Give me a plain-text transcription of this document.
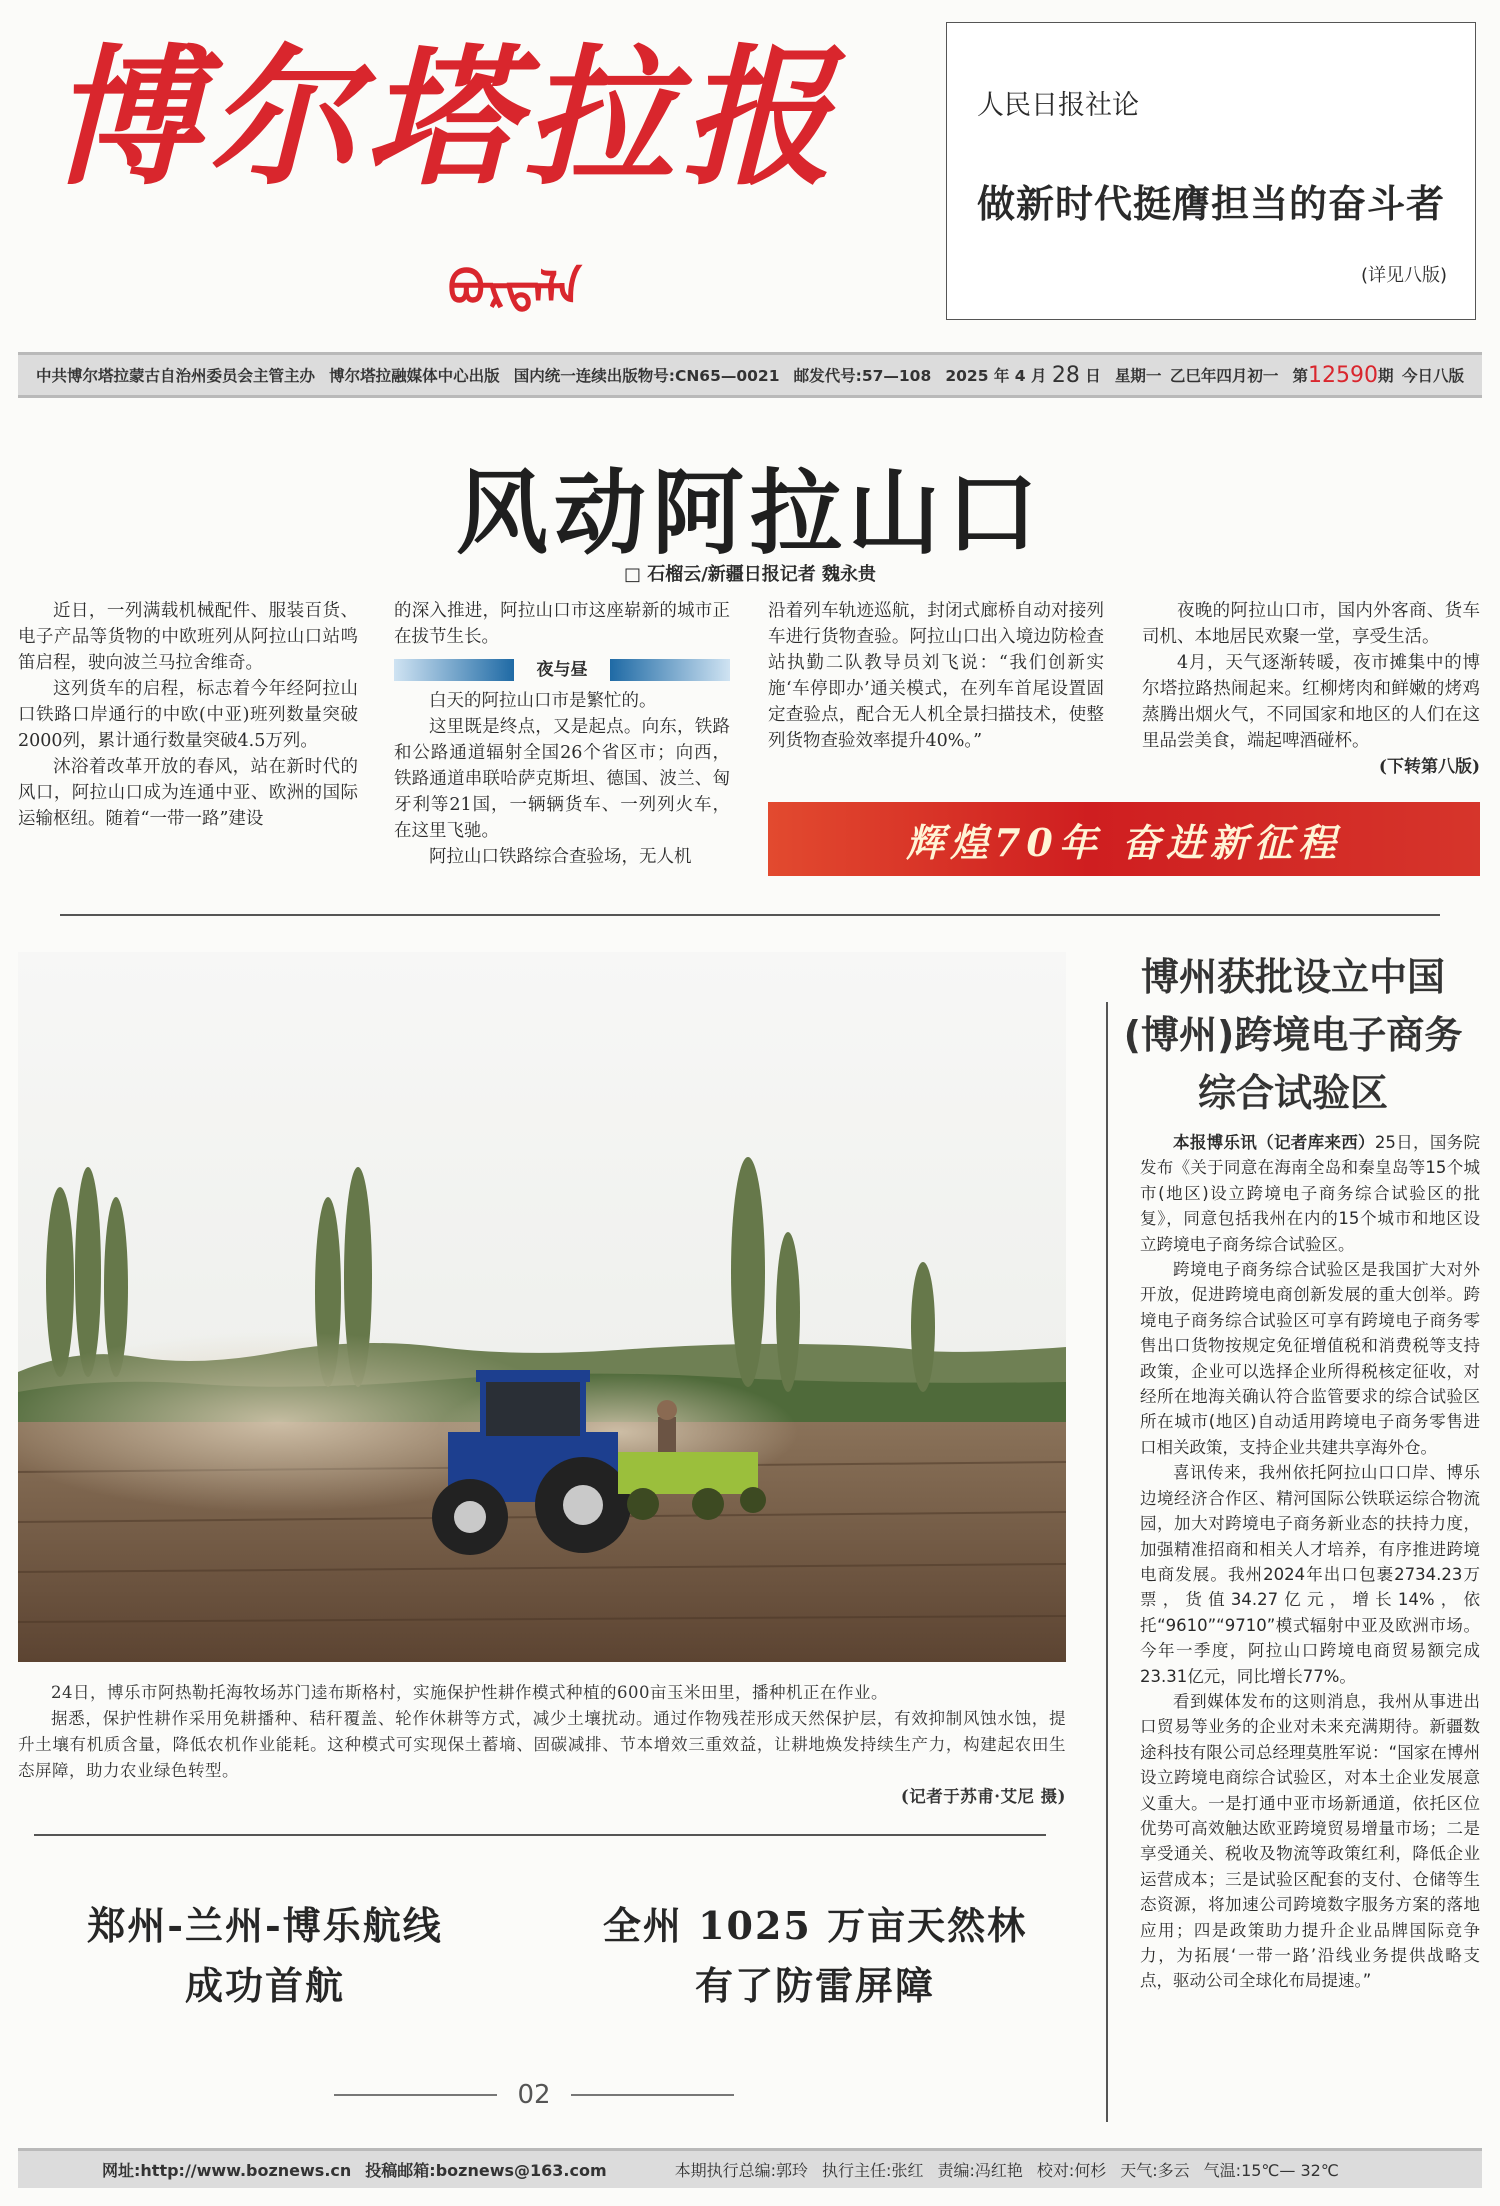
博尔塔拉报
ᠪᠣᠷᠲᠠᠯᠠ
人民日报社论
做新时代挺膺担当的奋斗者
(详见八版)
中共博尔塔拉蒙古自治州委员会主管主办 博尔塔拉融媒体中心出版 国内统一连续出版物号:CN65—0021 邮发代号:57—108 2025 年 4 月
28
日 星期一 乙巳年四月初一 第 12590 期 今日八版
风动阿拉山口
□ 石榴云/新疆日报记者 魏永贵

近日，一列满载机械配件、服装百货、电子产品等货物的中欧班列从阿拉山口站鸣笛启程，驶向波兰马拉舍维奇。

这列货车的启程，标志着今年经阿拉山口铁路口岸通行的中欧(中亚)班列数量突破2000列，累计通行数量突破4.5万列。

沐浴着改革开放的春风，站在新时代的风口，阿拉山口成为连通中亚、欧洲的国际运输枢纽。随着“一带一路”建设

的深入推进，阿拉山口市这座崭新的城市正在拔节生长。

夜与昼

白天的阿拉山口市是繁忙的。

这里既是终点，又是起点。向东，铁路和公路通道辐射全国26个省区市；向西，铁路通道串联哈萨克斯坦、德国、波兰、匈牙利等21国，一辆辆货车、一列列火车，在这里飞驰。

阿拉山口铁路综合查验场，无人机

沿着列车轨迹巡航，封闭式廊桥自动对接列车进行货物查验。阿拉山口出入境边防检查站执勤二队教导员刘飞说：“我们创新实施‘车停即办’通关模式，在列车首尾设置固定查验点，配合无人机全景扫描技术，使整列货物查验效率提升40%。”

夜晚的阿拉山口市，国内外客商、货车司机、本地居民欢聚一堂，享受生活。

4月，天气逐渐转暖，夜市摊集中的博尔塔拉路热闹起来。红柳烤肉和鲜嫩的烤鸡蒸腾出烟火气，不同国家和地区的人们在这里品尝美食，端起啤酒碰杯。

(下转第八版)
辉煌70年 奋进新征程

24日，博乐市阿热勒托海牧场苏门逵布斯格村，实施保护性耕作模式种植的600亩玉米田里，播种机正在作业。

据悉，保护性耕作采用免耕播种、秸秆覆盖、轮作休耕等方式，减少土壤扰动。通过作物残茬形成天然保护层，有效抑制风蚀水蚀，提升土壤有机质含量，降低农机作业能耗。这种模式可实现保土蓄墒、固碳减排、节本增效三重效益，让耕地焕发持续生产力，构建起农田生态屏障，助力农业绿色转型。

(记者于苏甫·艾尼 摄)
博州获批设立中国
(博州)跨境电子商务
综合试验区

本报博乐讯（记者库来西）25日，国务院发布《关于同意在海南全岛和秦皇岛等15个城市(地区)设立跨境电子商务综合试验区的批复》，同意包括我州在内的15个城市和地区设立跨境电子商务综合试验区。

跨境电子商务综合试验区是我国扩大对外开放，促进跨境电商创新发展的重大创举。跨境电子商务综合试验区可享有跨境电子商务零售出口货物按规定免征增值税和消费税等支持政策，企业可以选择企业所得税核定征收，对经所在地海关确认符合监管要求的综合试验区所在城市(地区)自动适用跨境电子商务零售进口相关政策，支持企业共建共享海外仓。

喜讯传来，我州依托阿拉山口口岸、博乐边境经济合作区、精河国际公铁联运综合物流园，加大对跨境电子商务新业态的扶持力度，加强精准招商和相关人才培养，有序推进跨境电商发展。我州2024年出口包裹2734.23万票，货值34.27亿元，增长14%，依托“9610”“9710”模式辐射中亚及欧洲市场。今年一季度，阿拉山口跨境电商贸易额完成23.31亿元，同比增长77%。

看到媒体发布的这则消息，我州从事进出口贸易等业务的企业对未来充满期待。新疆数途科技有限公司总经理莫胜军说：“国家在博州设立跨境电商综合试验区，对本土企业发展意义重大。一是打通中亚市场新通道，依托区位优势可高效触达欧亚跨境贸易增量市场；二是享受通关、税收及物流等政策红利，降低企业运营成本；三是试验区配套的支付、仓储等生态资源，将加速公司跨境数字服务方案的落地应用；四是政策助力提升企业品牌国际竞争力，为拓展‘一带一路’沿线业务提供战略支点，驱动公司全球化布局提速。”

郑州-兰州-博乐航线
成功首航
全州 1025 万亩天然林
有了防雷屏障
02
网址:http://www.boznews.cn 投稿邮箱:boznews@163.com	本期执行总编:郭玲 执行主任:张红 责编:冯红艳 校对:何杉 天气:多云 气温:15℃— 32℃
